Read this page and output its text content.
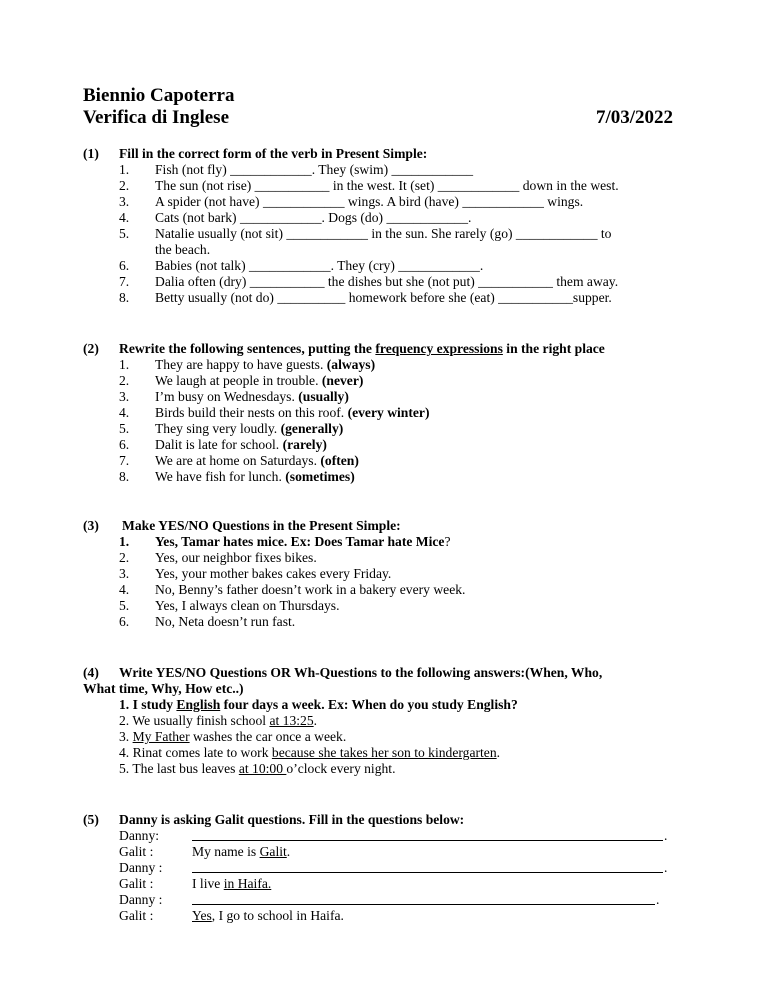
Biennio Capoterra
Verifica di Inglese	7/03/2022
(1) Fill in the correct form of the verb in Present Simple:
1. Fish (not fly) ____________. They (swim) ____________
2. The sun (not rise) ___________ in the west. It (set) ____________ down in the west.
3. A spider (not have) ____________ wings. A bird (have) ____________ wings.
4. Cats (not bark) ____________. Dogs (do) ____________.
5. Natalie usually (not sit) ____________ in the sun. She rarely (go) ____________ to
the beach.
6. Babies (not talk) ____________. They (cry) ____________.
7. Dalia often (dry) ___________ the dishes but she (not put) ___________ them away.
8. Betty usually (not do) __________ homework before she (eat) ___________supper.
(2) Rewrite the following sentences, putting the frequency expressions in the right place
1. They are happy to have guests. (always)
2. We laugh at people in trouble. (never)
3. I’m busy on Wednesdays. (usually)
4. Birds build their nests on this roof. (every winter)
5. They sing very loudly. (generally)
6. Dalit is late for school. (rarely)
7. We are at home on Saturdays. (often)
8. We have fish for lunch. (sometimes)
(3) Make YES/NO Questions in the Present Simple:
1. Yes, Tamar hates mice. Ex: Does Tamar hate Mice?
2. Yes, our neighbor fixes bikes.
3. Yes, your mother bakes cakes every Friday.
4. No, Benny’s father doesn’t work in a bakery every week.
5. Yes, I always clean on Thursdays.
6. No, Neta doesn’t run fast.
(4) Write YES/NO Questions OR Wh-Questions to the following answers:(When, Who,
What time, Why, How etc..)
1. I study English four days a week. Ex: When do you study English?
2. We usually finish school at 13:25.
3. My Father washes the car once a week.
4. Rinat comes late to work because she takes her son to kindergarten.
5. The last bus leaves at 10:00 o’clock every night.
(5) Danny is asking Galit questions. Fill in the questions below:
Danny:	.
Galit :	My name is Galit.
Danny :	.
Galit :	I live in Haifa.
Danny :	.
Galit :	Yes, I go to school in Haifa.
